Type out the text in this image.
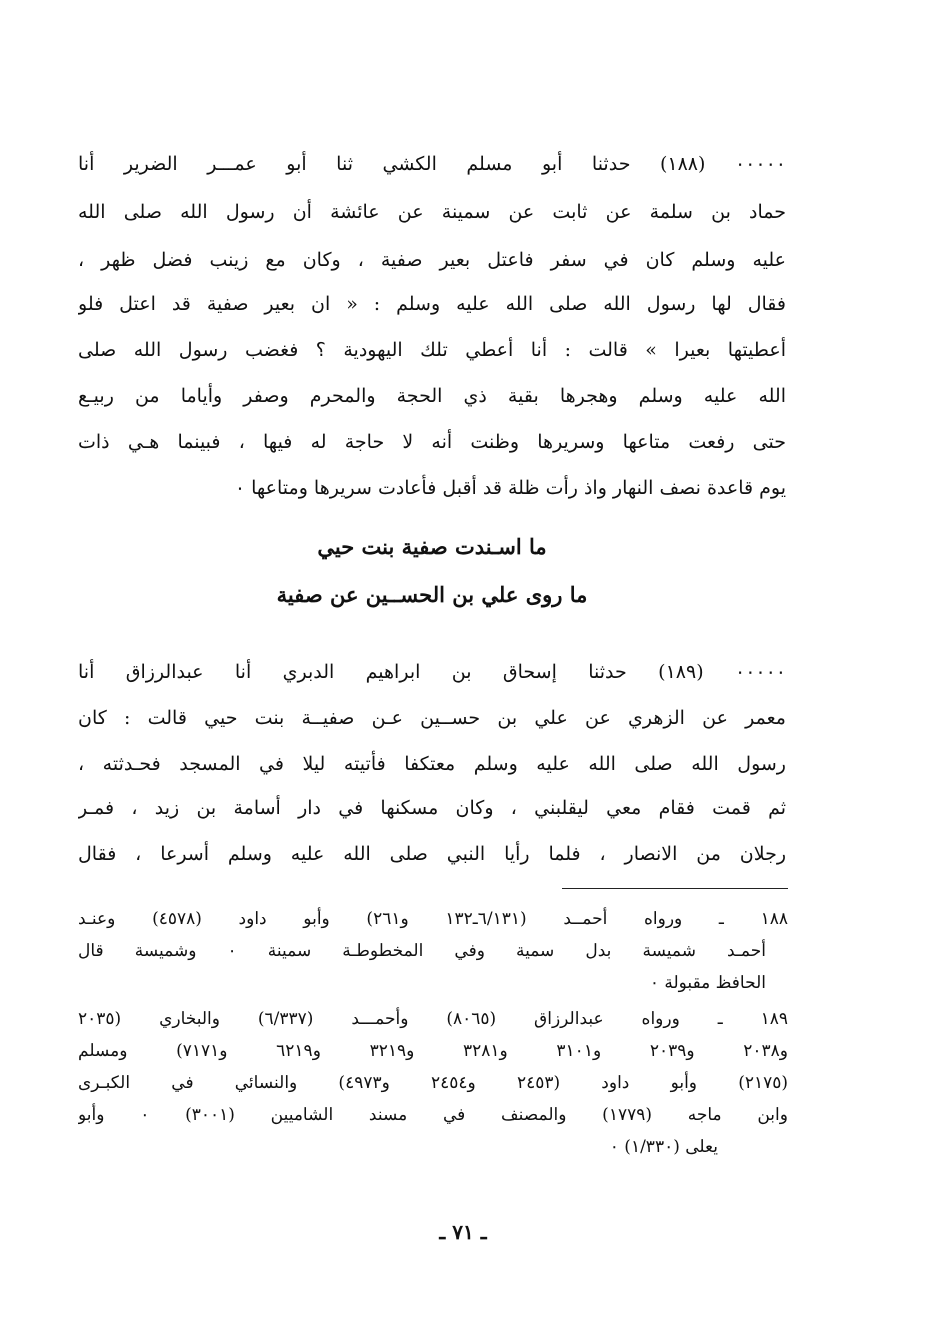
٠٠٠٠٠ (١٨٨) حدثنا أبو مسلم الكشي ثنا أبو عمـــر الضرير أنا
حماد بن سلمة عن ثابت عن سمينة عن عائشة أن رسول الله صلى الله
عليه وسلم كان في سفر فاعتل بعير صفية ، وكان مع زينب فضل ظهر ،
فقال لها رسول الله صلى الله عليه وسلم : « ان بعير صفية قد اعتل فلو
أعطيتها بعيرا » قالت : أنا أعطي تلك اليهودية ؟ فغضب رسول الله صلى
الله عليه وسلم وهجرها بقية ذي الحجة والمحرم وصفر وأياما من ربيـع
حتى رفعت متاعها وسريرها وظنت أنه لا حاجة له فيها ، فبينما هـي ذات
يوم قاعدة نصف النهار واذ رأت ظلة قد أقبل فأعادت سريرها ومتاعها ٠
ما اسـندت صفية بنت حيي
ما روى علي بن الحســين عن صفية
٠٠٠٠٠ (١٨٩) حدثنا إسحاق بن ابراهيم الدبري أنا عبدالرزاق أنا
معمر عن الزهري عن علي بن حســين عـن صفيــة بنت حيي قالت : كان
رسول الله صلى الله عليه وسلم معتكفا فأتيته ليلا في المسجد فحـدثته ،
ثم قمت فقام معي ليقلبني ، وكان مسكنها في دار أسامة بن زيد ، فمـر
رجلان من الانصار ، فلما رأيا النبي صلى الله عليه وسلم أسرعا ، فقال
١٨٨ ـ ورواه أحمــد (٦/١٣١ـ١٣٢ و٢٦١) وأبو داود (٤٥٧٨) وعنـد
أحمـد شميسة بدل سمية وفي المخطوطـة سمينة ٠ وشميسة قال
الحافظ مقبولة ٠
١٨٩ ـ ورواه عبدالرزاق (٨٠٦٥) وأحمـــد (٦/٣٣٧) والبخاري (٢٠٣٥
و٢٠٣٨ و٢٠٣٩ و٣١٠١ و٣٢٨١ و٣٢١٩ و٦٢١٩ و٧١٧١) ومسلم
(٢١٧٥) وأبو داود (٢٤٥٣ و٢٤٥٤ و٤٩٧٣) والنسائي في الكبـرى
وابن ماجه (١٧٧٩) والمصنف في مسند الشاميين (٣٠٠١) ٠ وأبو
يعلى (١/٣٣٠) ٠
ـ ٧١ ـ
